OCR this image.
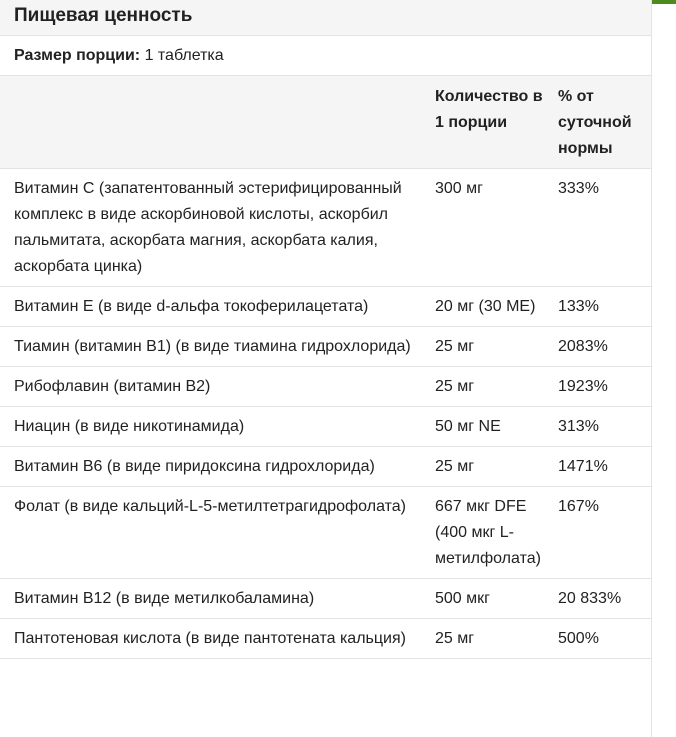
Пищевая ценность
Размер порции: 1 таблетка
	Количество в 1 порции	% от суточной нормы
Витамин C (запатентованный эстерифицированный комплекс в виде аскорбиновой кислоты, аскорбил пальмитата, аскорбата магния, аскорбата калия, аскорбата цинка)	300 мг	333%
Витамин E (в виде d-альфа токоферилацетата)	20 мг (30 ME)	133%
Тиамин (витамин B1) (в виде тиамина гидрохлорида)	25 мг	2083%
Рибофлавин (витамин B2)	25 мг	1923%
Ниацин (в виде никотинамида)	50 мг NE	313%
Витамин B6 (в виде пиридоксина гидрохлорида)	25 мг	1471%
Фолат (в виде кальций-L-5-метилтетрагидрофолата)	667 мкг DFE (400 мкг L-метилфолата)	167%
Витамин B12 (в виде метилкобаламина)	500 мкг	20 833%
Пантотеновая кислота (в виде пантотената кальция)	25 мг	500%
